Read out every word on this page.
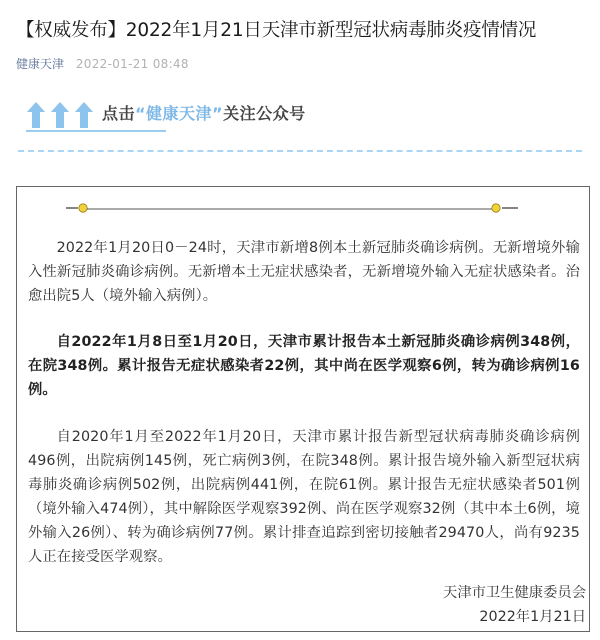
【权威发布】2022年1月21日天津市新型冠状病毒肺炎疫情情况
健康天津 2022-01-21 08:48
点击“健康天津”关注公众号
2022年1月20日0－24时，天津市新增8例本土新冠肺炎确诊病例。无新增境外输入性新冠肺炎确诊病例。无新增本土无症状感染者，无新增境外输入无症状感染者。治愈出院5人（境外输入病例）。
自2022年1月8日至1月20日，天津市累计报告本土新冠肺炎确诊病例348例，在院348例。累计报告无症状感染者22例，其中尚在医学观察6例，转为确诊病例16例。
自2020年1月至2022年1月20日，天津市累计报告新型冠状病毒肺炎确诊病例496例，出院病例145例，死亡病例3例，在院348例。累计报告境外输入新型冠状病毒肺炎确诊病例502例，出院病例441例，在院61例。累计报告无症状感染者501例（境外输入474例），其中解除医学观察392例、尚在医学观察32例（其中本土6例，境外输入26例）、转为确诊病例77例。累计排查追踪到密切接触者29470人，尚有9235人正在接受医学观察。
天津市卫生健康委员会
2022年1月21日
